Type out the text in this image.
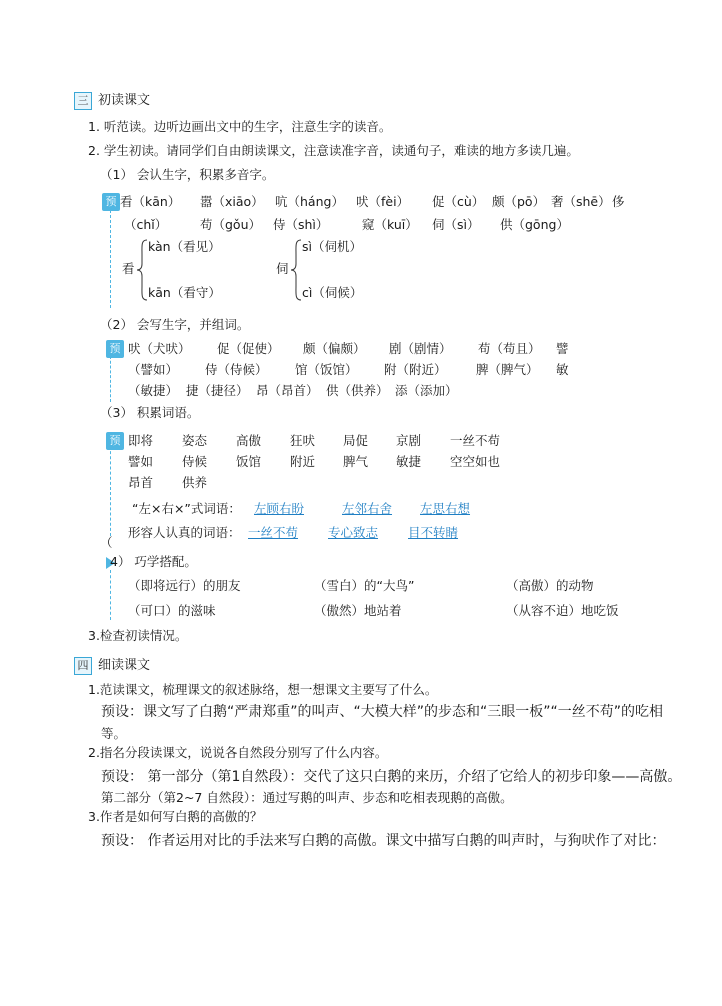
三 初读课文
1. 听范读。边听边画出文中的生字，注意生字的读音。
2. 学生初读。请同学们自由朗读课文，注意读准字音，读通句子，难读的地方多读几遍。
（1） 会认生字，积累多音字。
预 看（kān） 嚣（xiāo） 吭（háng） 吠（fèi） 促（cù） 颇（pō） 奢（shē） 侈
（chǐ）	苟（gǒu） 侍（shì）	窥（kuī） 伺（sì） 供（gōng）
看
kàn（看见）
kān（看守）
伺
sì（伺机）
cì（伺候）
（2） 会写生字，并组词。
预 吠（犬吠） 促（促使） 颇（偏颇） 剧（剧情） 苟（苟且） 譬
（譬如） 侍（侍候） 馆（饭馆） 附（附近） 脾（脾气） 敏
（敏捷） 捷（捷径） 昂（昂首） 供（供养） 添（添加）
（3） 积累词语。
预 即将 姿态 高傲 狂吠 局促 京剧 一丝不苟
譬如 侍候 饭馆 附近 脾气 敏捷 空空如也
昂首 供养
“左×右×”式词语： 左顾右盼	左邻右舍 左思右想
形容人认真的词语： 一丝不苟 专心致志 目不转睛
（
4） 巧学搭配。
（即将远行）的朋友	（雪白）的“大鸟”	（高傲）的动物
（可口）的滋味	（傲然）地站着	（从容不迫）地吃饭
3.检查初读情况。
四 细读课文
1.范读课文，梳理课文的叙述脉络，想一想课文主要写了什么。
预设：课文写了白鹅“严肃郑重”的叫声、“大模大样”的步态和“三眼一板”“一丝不苟”的吃相
等。
2.指名分段读课文，说说各自然段分别写了什么内容。
预设： 第一部分（第1自然段）：交代了这只白鹅的来历，介绍了它给人的初步印象——高傲。
第二部分（第2~7 自然段）：通过写鹅的叫声、步态和吃相表现鹅的高傲。
3.作者是如何写白鹅的高傲的？
预设： 作者运用对比的手法来写白鹅的高傲。课文中描写白鹅的叫声时，与狗吠作了对比：
